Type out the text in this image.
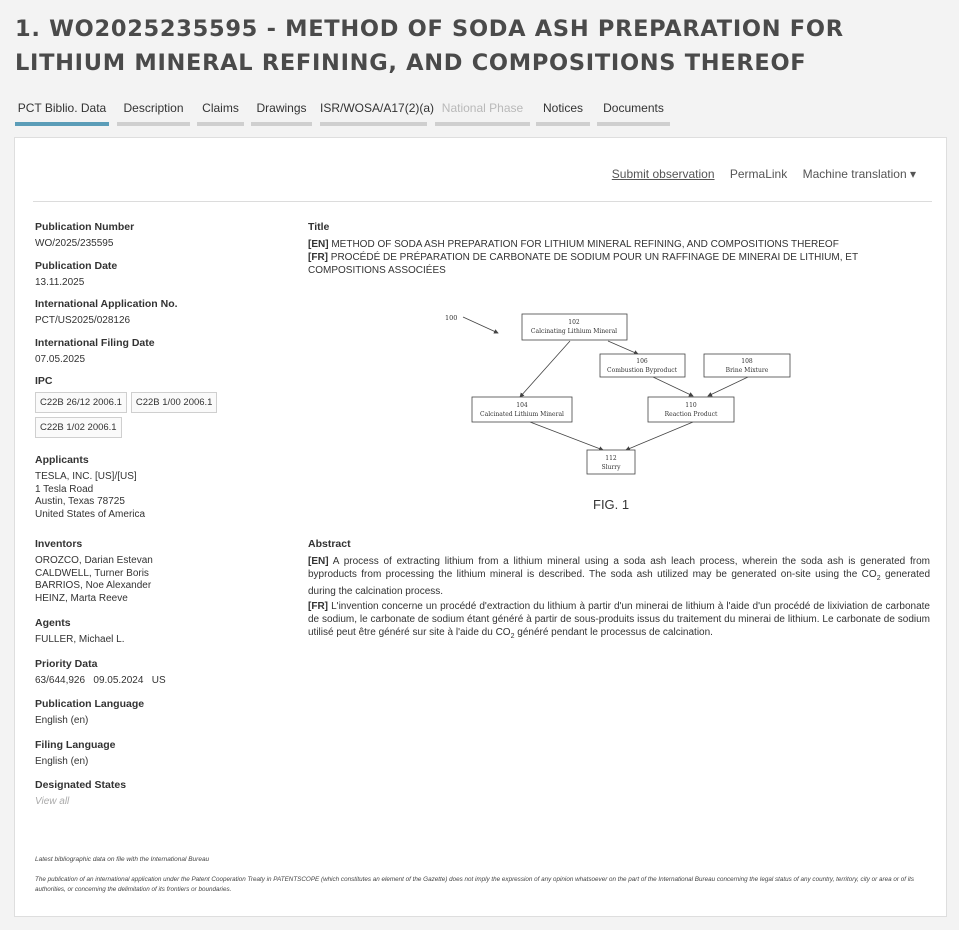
1. WO2025235595 - METHOD OF SODA ASH PREPARATION FOR LITHIUM MINERAL REFINING, AND COMPOSITIONS THEREOF
PCT Biblio. Data	Description	Claims	Drawings	ISR/WOSA/A17(2)(a) National Phase	Notices	Documents
Submit observation PermaLink Machine translation ▾
Publication Number
WO/2025/235595
Publication Date
13.11.2025
International Application No.
PCT/US2025/028126
International Filing Date
07.05.2025
IPC
C22B 26/12 2006.1	C22B 1/00 2006.1
C22B 1/02 2006.1
Applicants
TESLA, INC. [US]/[US]
1 Tesla Road
Austin, Texas 78725
United States of America
Inventors
OROZCO, Darian Estevan
CALDWELL, Turner Boris
BARRIOS, Noe Alexander
HEINZ, Marta Reeve
Agents
FULLER, Michael L.
Priority Data
63/644,926   09.05.2024   US
Publication Language
English (en)
Filing Language
English (en)
Designated States
View all
Title
[EN] METHOD OF SODA ASH PREPARATION FOR LITHIUM MINERAL REFINING, AND COMPOSITIONS THEREOF
[FR] PROCÉDÉ DE PRÉPARATION DE CARBONATE DE SODIUM POUR UN RAFFINAGE DE MINERAI DE LITHIUM, ET COMPOSITIONS ASSOCIÉES
100
102
Calcinating Lithium Mineral
106
Combustion Byproduct
108
Brine Mixture
104
Calcinated Lithium Mineral
110
Reaction Product
112
Slurry
FIG. 1
Abstract

[EN] A process of extracting lithium from a lithium mineral using a soda ash leach process, wherein the soda ash is generated from byproducts from processing the lithium mineral is described. The soda ash utilized may be generated on-site using the $CO_2$ generated during the calcination process.

[FR] L'invention concerne un procédé d'extraction du lithium à partir d'un minerai de lithium à l'aide d'un procédé de lixiviation de carbonate de sodium, le carbonate de sodium étant généré à partir de sous-produits issus du traitement du minerai de lithium. Le carbonate de sodium utilisé peut être généré sur site à l'aide du $CO_2$ généré pendant le processus de calcination.

Latest bibliographic data on file with the International Bureau
The publication of an international application under the Patent Cooperation Treaty in PATENTSCOPE (which constitutes an element of the Gazette) does not imply the expression of any opinion whatsoever on the part of the International Bureau concerning the legal status of any country, territory, city or area or of its authorities, or concerning the delimitation of its frontiers or boundaries.
